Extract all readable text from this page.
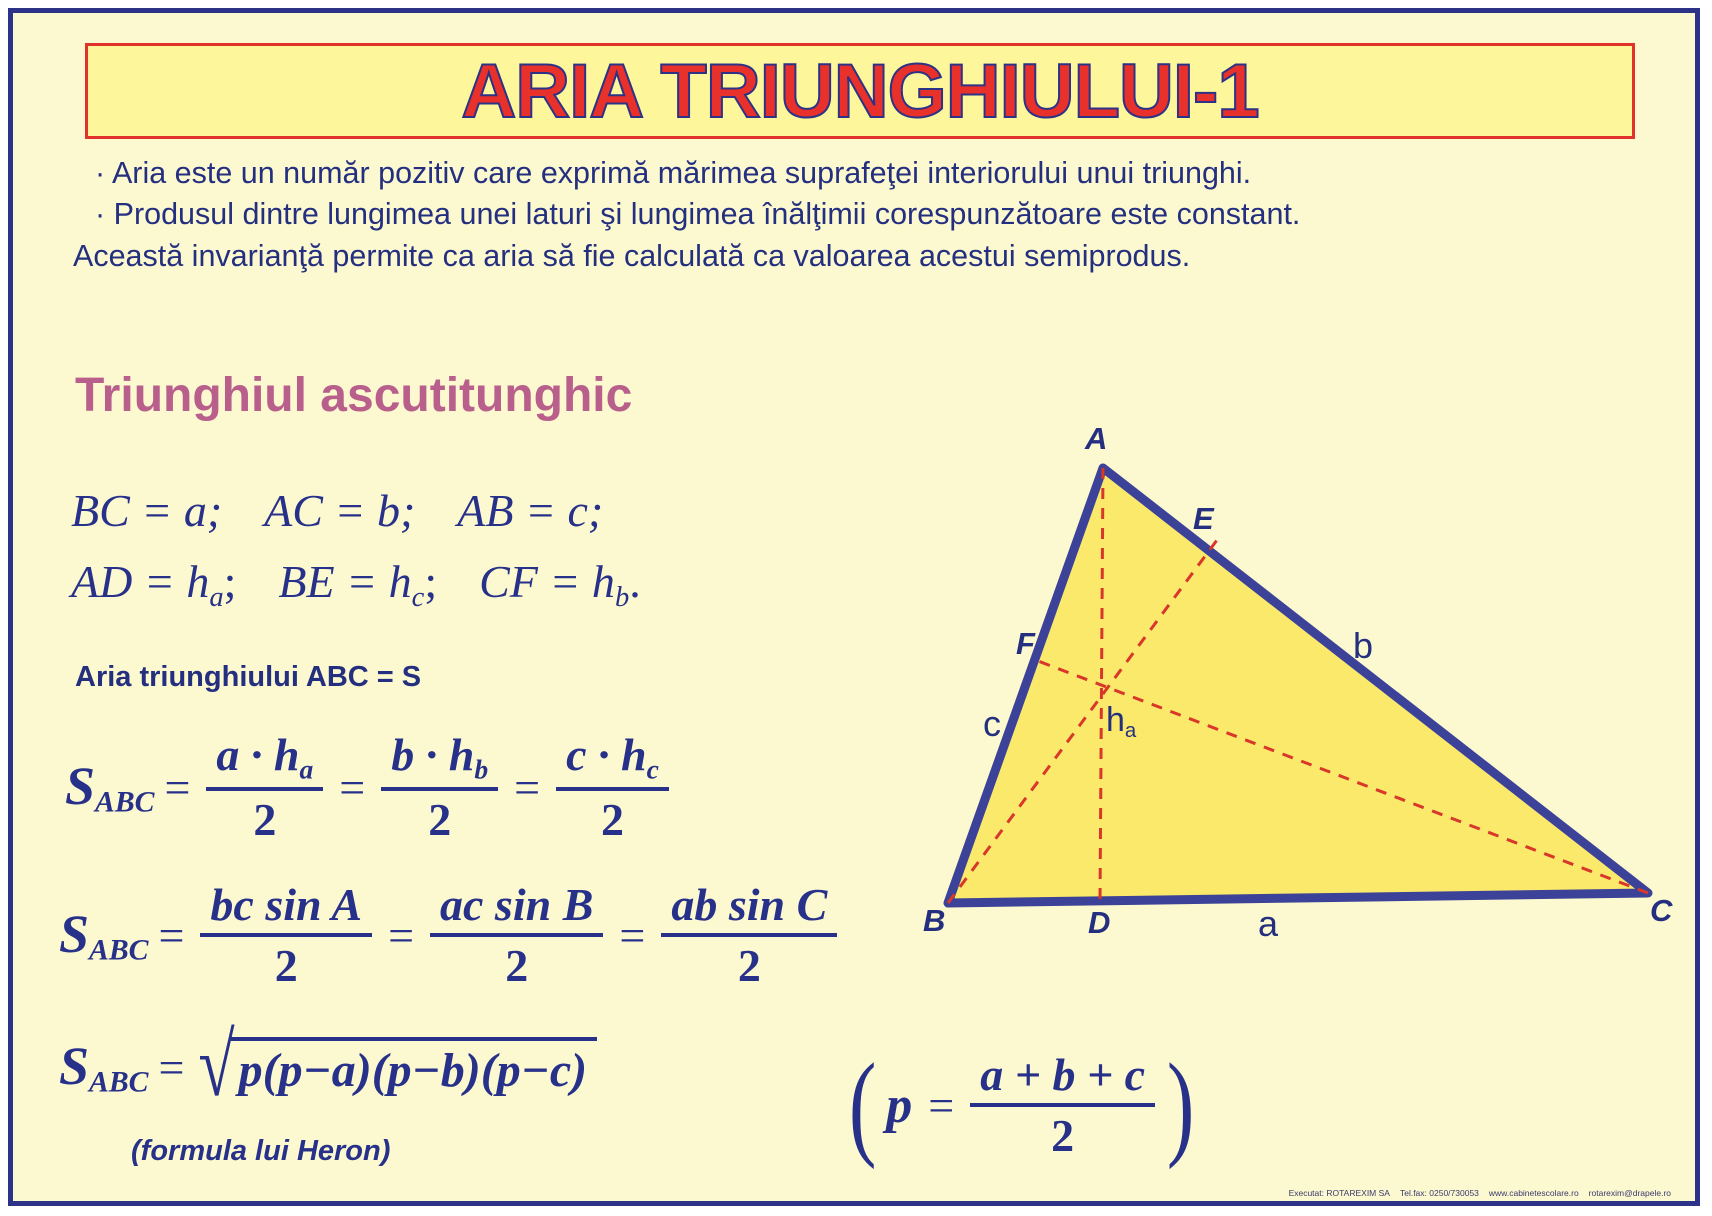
ARIA TRIUNGHIULUI-1
· Aria este un număr pozitiv care exprimă mărimea suprafeţei interiorului unui triunghi.
· Produsul dintre lungimea unei laturi şi lungimea înălţimii corespunzătoare este constant.
Această invarianţă permite ca aria să fie calculată ca valoarea acestui semiprodus.
Triunghiul ascutitunghic
BC = a; AC = b; AB = c;
AD = $h_a$; BE = $h_c$; CF = $h_b$.
Aria triunghiului ABC = S
SABC = $\frac{a \cdot ha}{2} = \frac{b \cdot hb}{2} = \frac{c \cdot hc}{2}$
SABC = $\frac{\text{bc sin A}}{2} = \frac{\text{ac sin B}}{2} = \frac{\text{ab sin C}}{2}$
SABC = √ p(p−a)(p−b)(p−c)
(formula lui Heron)	( $p = \frac{a + b + c}{2}$ )
A
B	C
D
E
F
a
b
c	ha
Executat: ROTAREXIM SA Tel.fax: 0250/730053 www.cabinetescolare.ro rotarexim@drapele.ro
